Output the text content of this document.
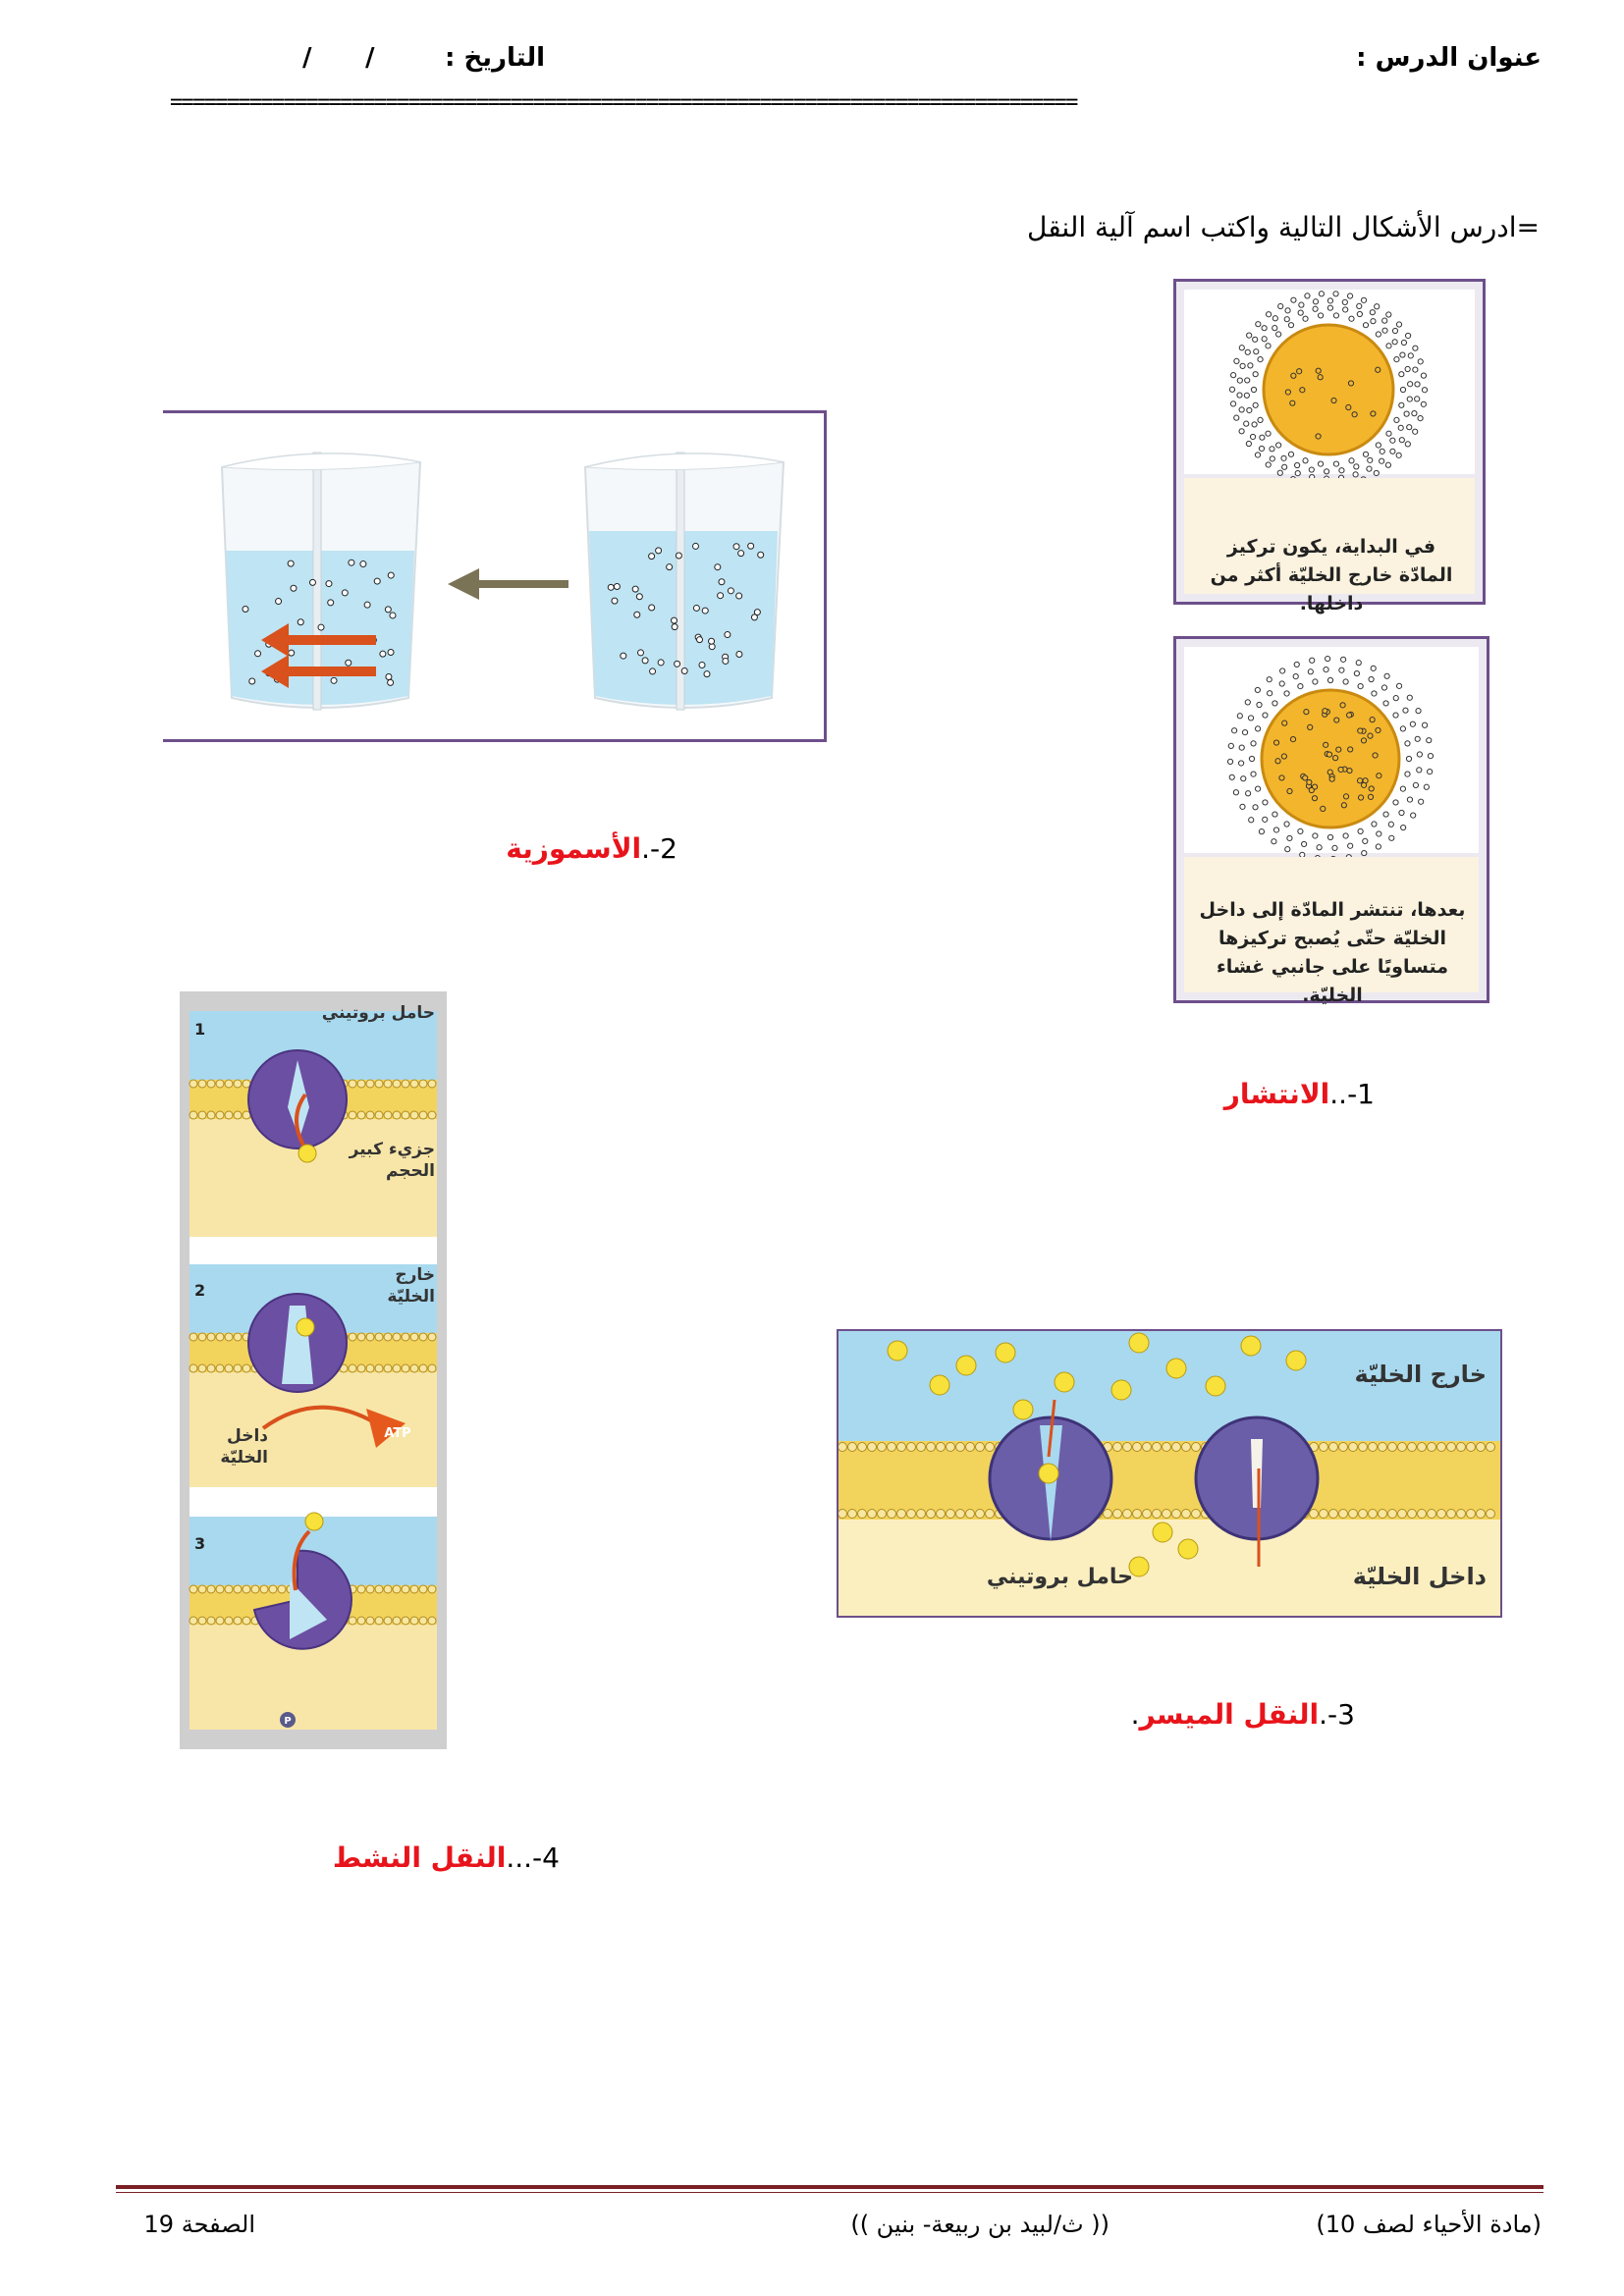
عنوان الدرس :
التاريخ :
/
/
================================================================================
=ادرس الأشكال التالية واكتب اسم آلية النقل
في البداية، يكون تركيز المادّة خارج الخليّة أكثر من داخلها.
بعدها، تنتشر المادّة إلى داخل الخليّة حتّى يُصبح تركيزها متساويًا على جانبي غشاء الخليّة.
1-..الانتشار
2-.الأسموزية
1
2
3
ATP
P
حامل بروتيني
جزيء كبير الحجم
خارج الخليّة
داخل الخليّة
4-...النقل النشط
خارج الخليّة
داخل الخليّة
حامل بروتيني
3-.النقل الميسر.
(مادة الأحياء لصف 10)
(( ث/لبيد بن ربيعة- بنين ))
الصفحة 19
